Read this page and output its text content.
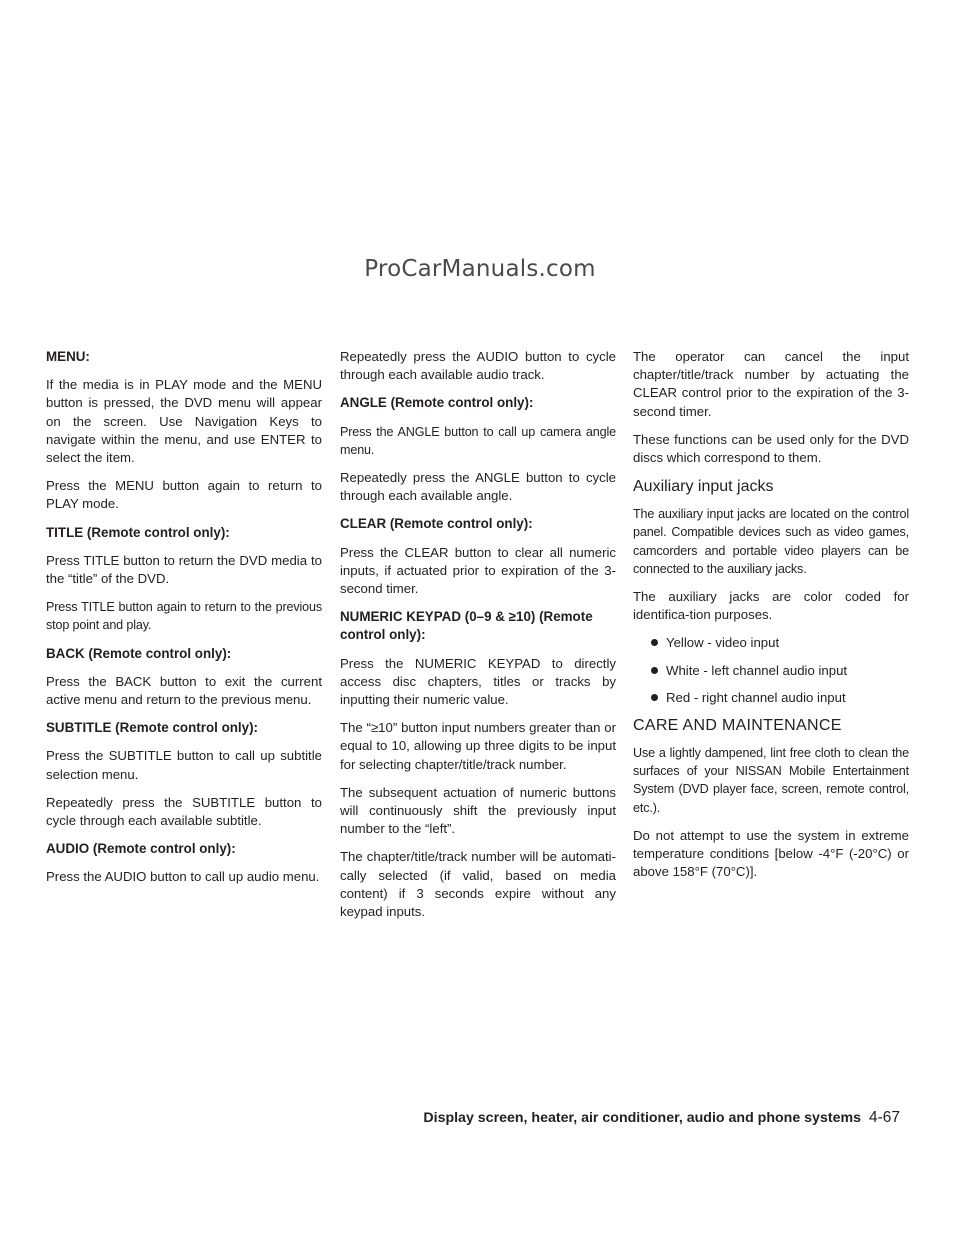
ProCarManuals.com
MENU:

If the media is in PLAY mode and the MENU button is pressed, the DVD menu will appear on the screen. Use Navigation Keys to navigate within the menu, and use ENTER to select the item.

Press the MENU button again to return to PLAY mode.

TITLE (Remote control only):

Press TITLE button to return the DVD media to the “title” of the DVD.

Press TITLE button again to return to the previous stop point and play.

BACK (Remote control only):

Press the BACK button to exit the current active menu and return to the previous menu.

SUBTITLE (Remote control only):

Press the SUBTITLE button to call up subtitle selection menu.

Repeatedly press the SUBTITLE button to cycle through each available subtitle.

AUDIO (Remote control only):

Press the AUDIO button to call up audio menu.

Repeatedly press the AUDIO button to cycle through each available audio track.

ANGLE (Remote control only):

Press the ANGLE button to call up camera angle menu.

Repeatedly press the ANGLE button to cycle through each available angle.

CLEAR (Remote control only):

Press the CLEAR button to clear all numeric inputs, if actuated prior to expiration of the 3-second timer.

NUMERIC KEYPAD (0–9 & ≥10) (Remote control only):

Press the NUMERIC KEYPAD to directly access disc chapters, titles or tracks by inputting their numeric value.

The “≥10” button input numbers greater than or equal to 10, allowing up three digits to be input for selecting chapter/title/track number.

The subsequent actuation of numeric buttons will continuously shift the previously input number to the “left”.

The chapter/title/track number will be automati-cally selected (if valid, based on media content) if 3 seconds expire without any keypad inputs.

The operator can cancel the input chapter/title/track number by actuating the CLEAR control prior to the expiration of the 3-second timer.

These functions can be used only for the DVD discs which correspond to them.

Auxiliary input jacks

The auxiliary input jacks are located on the control panel. Compatible devices such as video games, camcorders and portable video players can be connected to the auxiliary jacks.

The auxiliary jacks are color coded for identifica-tion purposes.

Yellow - video input
White - left channel audio input
Red - right channel audio input
CARE AND MAINTENANCE

Use a lightly dampened, lint free cloth to clean the surfaces of your NISSAN Mobile Entertainment System (DVD player face, screen, remote control, etc.).

Do not attempt to use the system in extreme temperature conditions [below -4°F (-20°C) or above 158°F (70°C)].

Display screen, heater, air conditioner, audio and phone systems 4-67
